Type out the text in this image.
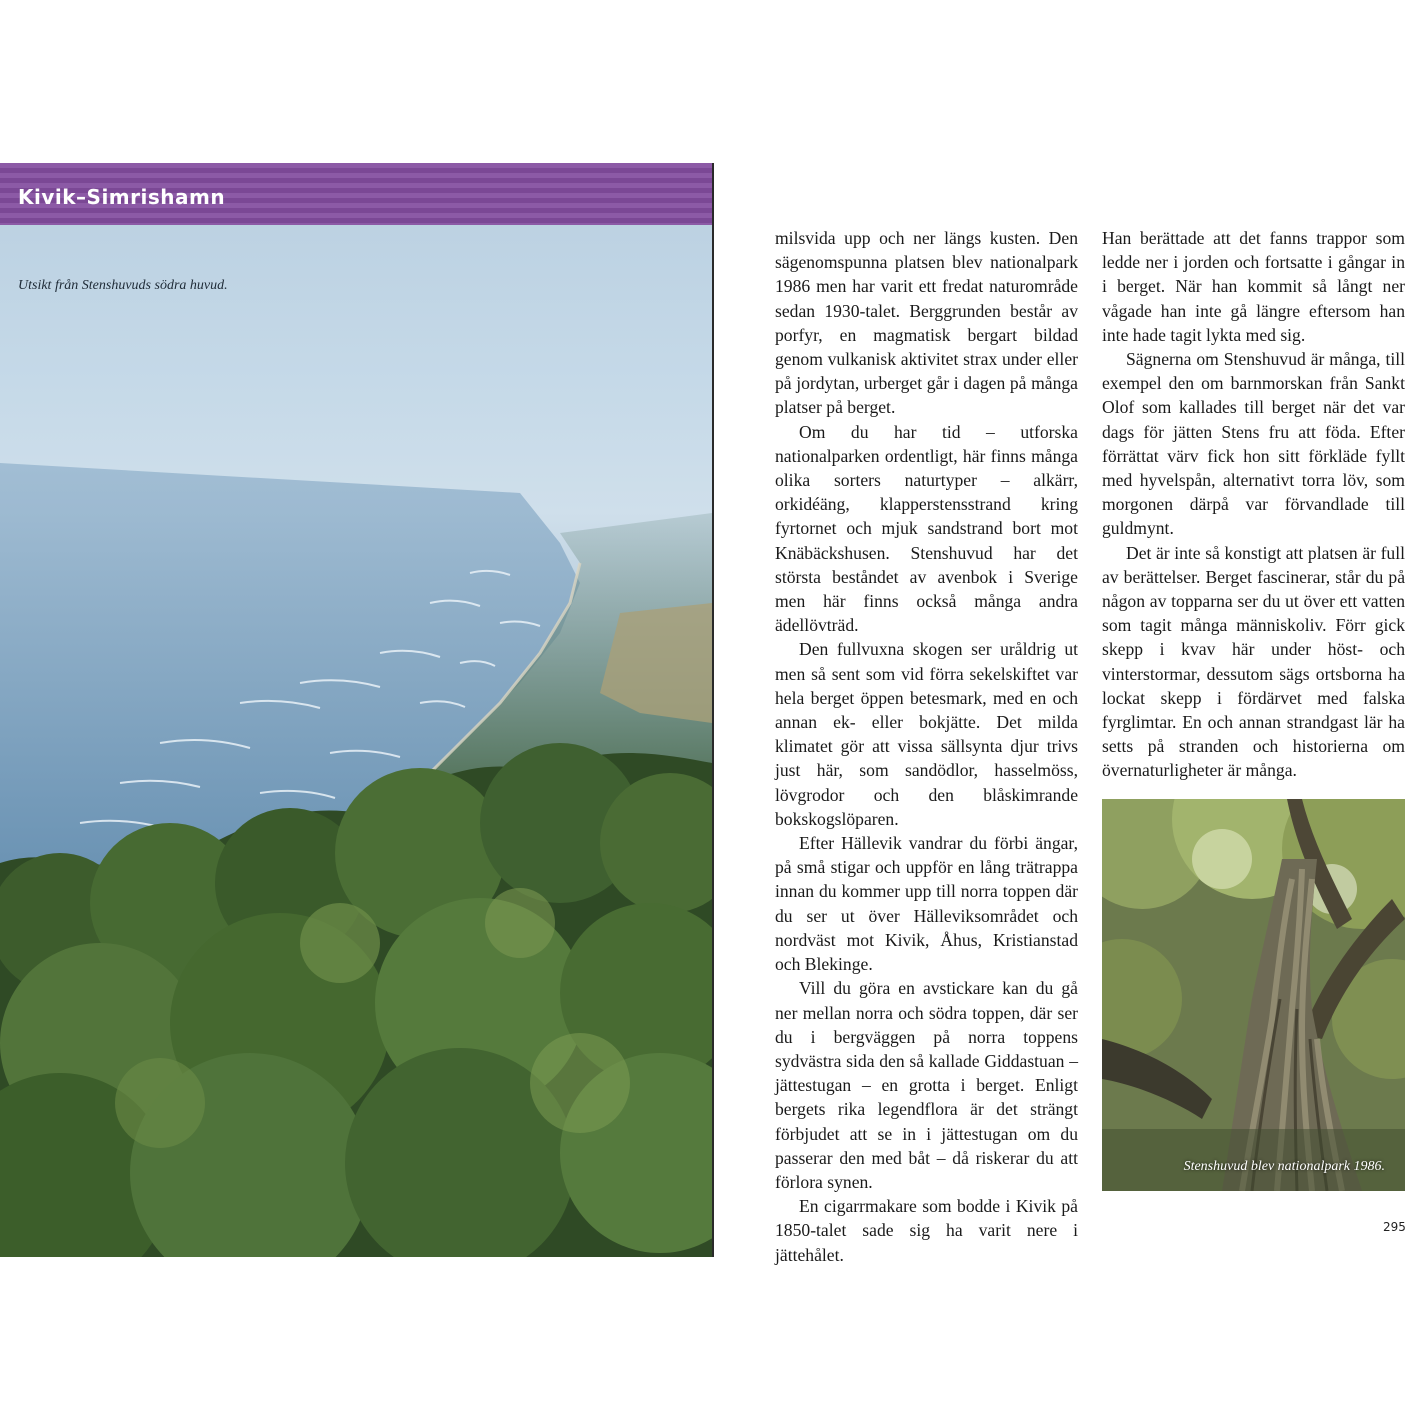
Kivik–Simrishamn
Utsikt från Stenshuvuds södra huvud.

milsvida upp och ner längs kusten. Den sägenomspunna platsen blev nationalpark 1986 men har varit ett fredat naturområde sedan 1930-talet. Berggrunden består av porfyr, en magmatisk bergart bildad genom vulkanisk aktivitet strax under eller på jordytan, urberget går i dagen på många platser på berget.

Om du har tid – utforska nationalparken ordentligt, här finns många olika sorters naturtyper – alkärr, orkidéäng, klapperstensstrand kring fyrtornet och mjuk sandstrand bort mot Knäbäckshusen. Stenshuvud har det största beståndet av avenbok i Sverige men här finns också många andra ädellövträd.

Den fullvuxna skogen ser uråldrig ut men så sent som vid förra sekelskiftet var hela berget öppen betesmark, med en och annan ek- eller bokjätte. Det milda klimatet gör att vissa sällsynta djur trivs just här, som sandödlor, hasselmöss, lövgrodor och den blåskimrande bokskogslöparen.

Efter Hällevik vandrar du förbi ängar, på små stigar och uppför en lång trätrappa innan du kommer upp till norra toppen där du ser ut över Hälleviksområdet och nordväst mot Kivik, Åhus, Kristianstad och Blekinge.

Vill du göra en avstickare kan du gå ner mellan norra och södra toppen, där ser du i bergväggen på norra toppens sydvästra sida den så kallade Giddastuan – jättestugan – en grotta i berget. Enligt bergets rika legendflora är det strängt förbjudet att se in i jättestugan om du passerar den med båt – då riskerar du att förlora synen.

En cigarrmakare som bodde i Kivik på 1850-talet sade sig ha varit nere i jättehålet.

Han berättade att det fanns trappor som ledde ner i jorden och fortsatte i gångar in i berget. När han kommit så långt ner vågade han inte gå längre eftersom han inte hade tagit lykta med sig.

Sägnerna om Stenshuvud är många, till exempel den om barnmorskan från Sankt Olof som kallades till berget när det var dags för jätten Stens fru att föda. Efter förrättat värv fick hon sitt förkläde fyllt med hyvelspån, alternativt torra löv, som morgonen därpå var förvandlade till guldmynt.

Det är inte så konstigt att platsen är full av berättelser. Berget fascinerar, står du på någon av topparna ser du ut över ett vatten som tagit många människoliv. Förr gick skepp i kvav här under höst- och vinterstormar, dessutom sägs ortsborna ha lockat skepp i fördärvet med falska fyrglimtar. En och annan strandgast lär ha setts på stranden och historierna om övernaturligheter är många.

Stenshuvud blev nationalpark 1986.
295
